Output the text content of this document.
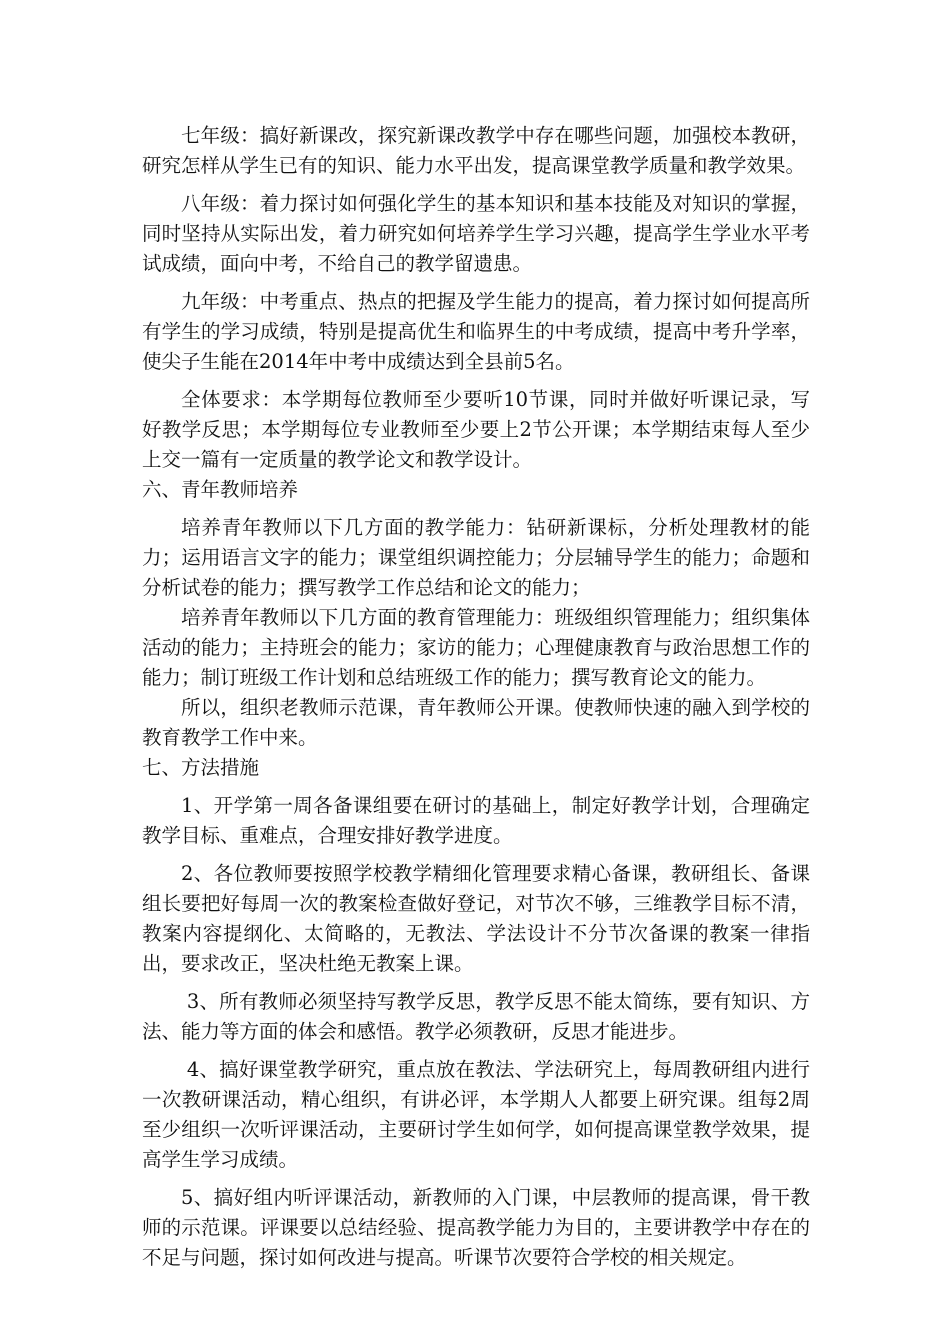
七年级：搞好新课改，探究新课改教学中存在哪些问题，加强校本教研，研究怎样从学生已有的知识、能力水平出发，提高课堂教学质量和教学效果。

八年级：着力探讨如何强化学生的基本知识和基本技能及对知识的掌握，同时坚持从实际出发，着力研究如何培养学生学习兴趣，提高学生学业水平考试成绩，面向中考，不给自己的教学留遗患。

九年级：中考重点、热点的把握及学生能力的提高，着力探讨如何提高所有学生的学习成绩，特别是提高优生和临界生的中考成绩，提高中考升学率，使尖子生能在2014年中考中成绩达到全县前5名。

全体要求：本学期每位教师至少要听10节课，同时并做好听课记录，写好教学反思；本学期每位专业教师至少要上2节公开课；本学期结束每人至少上交一篇有一定质量的教学论文和教学设计。

六、青年教师培养

培养青年教师以下几方面的教学能力：钻研新课标，分析处理教材的能力；运用语言文字的能力；课堂组织调控能力；分层辅导学生的能力；命题和分析试卷的能力；撰写教学工作总结和论文的能力；

培养青年教师以下几方面的教育管理能力：班级组织管理能力；组织集体活动的能力；主持班会的能力；家访的能力；心理健康教育与政治思想工作的能力；制订班级工作计划和总结班级工作的能力；撰写教育论文的能力。

所以，组织老教师示范课，青年教师公开课。使教师快速的融入到学校的教育教学工作中来。

七、方法措施

1、开学第一周各备课组要在研讨的基础上，制定好教学计划，合理确定教学目标、重难点，合理安排好教学进度。

2、各位教师要按照学校教学精细化管理要求精心备课，教研组长、备课组长要把好每周一次的教案检查做好登记，对节次不够，三维教学目标不清，教案内容提纲化、太简略的，无教法、学法设计不分节次备课的教案一律指出，要求改正，坚决杜绝无教案上课。

3、所有教师必须坚持写教学反思，教学反思不能太简练，要有知识、方法、能力等方面的体会和感悟。教学必须教研，反思才能进步。

4、搞好课堂教学研究，重点放在教法、学法研究上，每周教研组内进行一次教研课活动，精心组织，有讲必评，本学期人人都要上研究课。组每2周至少组织一次听评课活动，主要研讨学生如何学，如何提高课堂教学效果，提高学生学习成绩。

5、搞好组内听评课活动，新教师的入门课，中层教师的提高课，骨干教师的示范课。评课要以总结经验、提高教学能力为目的，主要讲教学中存在的不足与问题，探讨如何改进与提高。听课节次要符合学校的相关规定。
